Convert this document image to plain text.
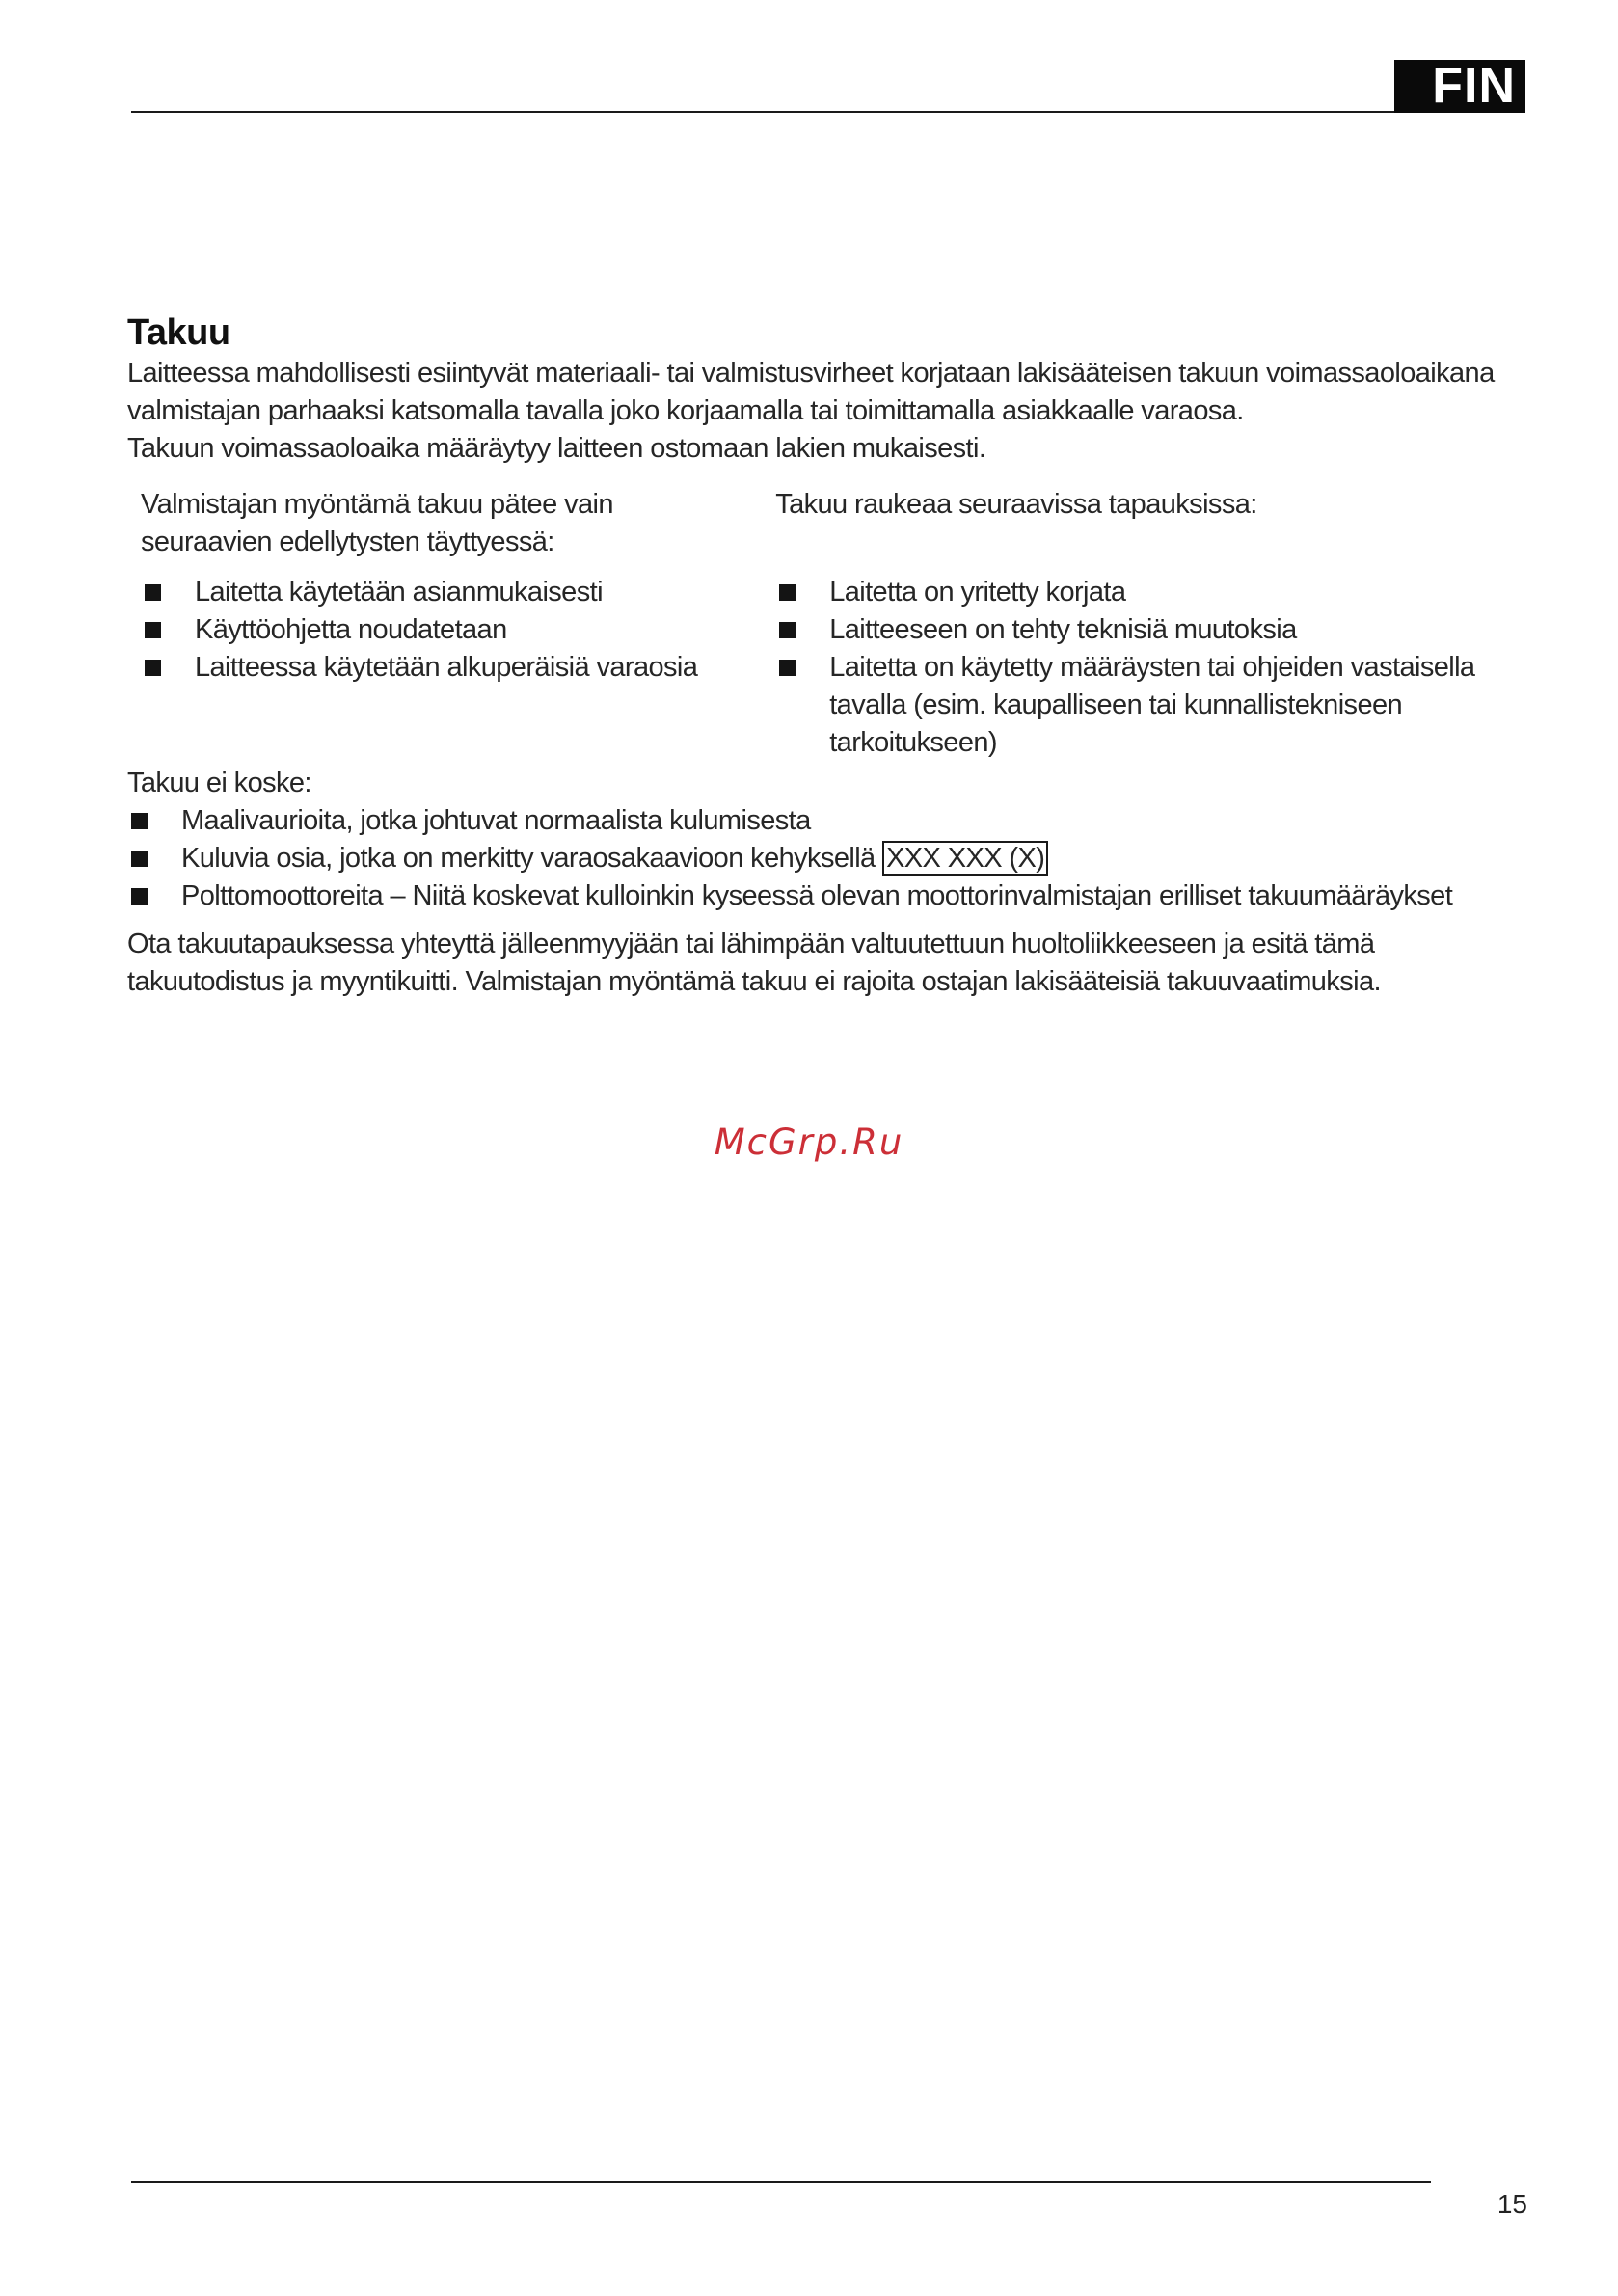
FIN
Takuu

Laitteessa mahdollisesti esiintyvät materiaali- tai valmistusvirheet korjataan lakisääteisen takuun voimassaoloaikana valmistajan parhaaksi katsomalla tavalla joko korjaamalla tai toimittamalla asiakkaalle varaosa.

Takuun voimassaoloaika määräytyy laitteen ostomaan lakien mukaisesti.

Valmistajan myöntämä takuu pätee vain seuraavien edellytysten täyttyessä:

Laitetta käytetään asianmukaisesti
Käyttöohjetta noudatetaan
Laitteessa käytetään alkuperäisiä varaosia

Takuu raukeaa seuraavissa tapauksissa:

Laitetta on yritetty korjata
Laitteeseen on tehty teknisiä muutoksia
Laitetta on käytetty määräysten tai ohjeiden vastaisella tavalla (esim. kaupalliseen tai kunnallistekniseen tarkoitukseen)

Takuu ei koske:

Maalivaurioita, jotka johtuvat normaalista kulumisesta
Kuluvia osia, jotka on merkitty varaosakaavioon kehyksellä XXX XXX (X)
Polttomoottoreita – Niitä koskevat kulloinkin kyseessä olevan moottorinvalmistajan erilliset takuumääräykset

Ota takuutapauksessa yhteyttä jälleenmyyjään tai lähimpään valtuutettuun huoltoliikkeeseen ja esitä tämä takuutodistus ja myyntikuitti. Valmistajan myöntämä takuu ei rajoita ostajan lakisääteisiä takuuvaatimuksia.

McGrp.Ru
15
